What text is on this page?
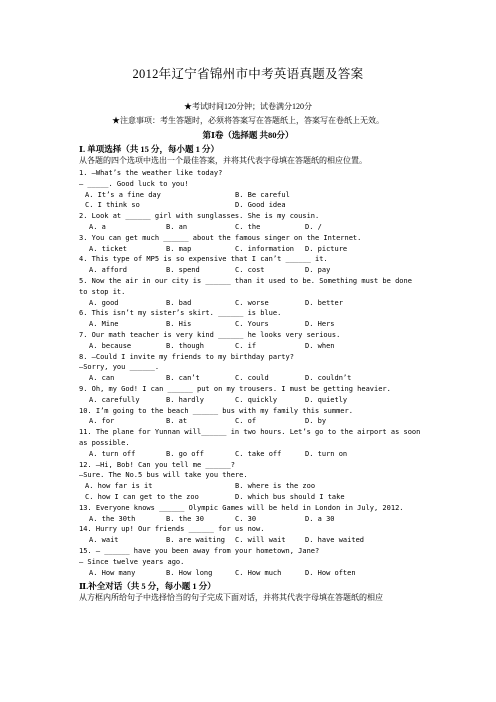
2012年辽宁省锦州市中考英语真题及答案
★考试时间120分钟；试卷满分120分
★注意事项：考生答题时，必须将答案写在答题纸上，答案写在卷纸上无效。
第Ⅰ卷（选择题 共80分）
Ⅰ. 单项选择（共 15 分，每小题 1 分）
从各题的四个选项中选出一个最佳答案，并将其代表字母填在答题纸的相应位置。
1. —What’s the weather like today?
— _____. Good luck to you!
A. It’s a fine day	B. Be careful
C. I think so	D. Good idea
2. Look at ______ girl with sunglasses. She is my cousin.
A. a	B. an	C. the	D. /
3. You can get much ______ about the famous singer on the Internet.
A. ticket	B. map	C. information D. picture
4. This type of MP5 is so expensive that I can’t ______ it.
A. afford	B. spend	C. cost	D. pay
5. Now the air in our city is ______ than it used to be. Something must be done
to stop it.
A. good	B. bad	C. worse	D. better
6. This isn’t my sister’s skirt. ______ is blue.
A. Mine	B. His	C. Yours	D. Hers
7. Our math teacher is very kind ______ he looks very serious.
A. because	B. though	C. if	D. when
8. —Could I invite my friends to my birthday party?
—Sorry, you ______.
A. can	B. can’t	C. could	D. couldn’t
9. Oh, my God! I can ______ put on my trousers. I must be getting heavier.
A. carefully	B. hardly	C. quickly	D. quietly
10. I’m going to the beach ______ bus with my family this summer.
A. for	B. at	C. of	D. by
11. The plane for Yunnan will______ in two hours. Let’s go to the airport as soon
as possible.
A. turn off	B. go off	C. take off	D. turn on
12. —Hi, Bob! Can you tell me ______?
—Sure. The No.5 bus will take you there.
A. how far is it	B. where is the zoo
C. how I can get to the zoo	D. which bus should I take
13. Everyone knows ______ Olympic Games will be held in London in July, 2012.
A. the 30th	B. the 30	C. 30	D. a 30
14. Hurry up! Our friends ______ for us now.
A. wait	B. are waiting C. will wait	D. have waited
15. — ______ have you been away from your hometown, Jane?
— Since twelve years ago.
A. How many	B. How long	C. How much	D. How often
Ⅱ.补全对话（共 5 分，每小题 1 分）
从方框内所给句子中选择恰当的句子完成下面对话，并将其代表字母填在答题纸的相应
